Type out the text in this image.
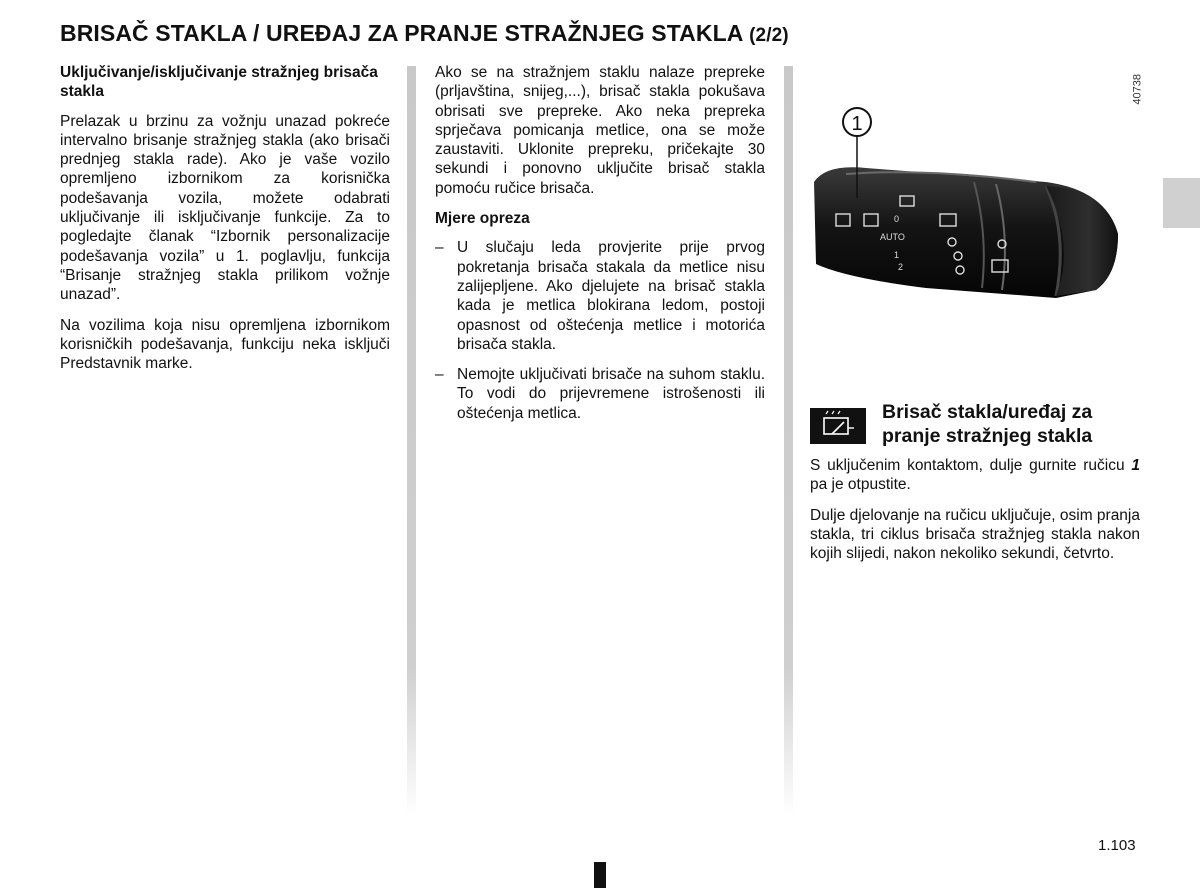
BRISAČ STAKLA / UREĐAJ ZA PRANJE STRAŽNJEG STAKLA (2/2)

Uključivanje/isključivanje stražnjeg brisača stakla

Prelazak u brzinu za vožnju unazad pokreće intervalno brisanje stražnjeg stakla (ako brisači prednjeg stakla rade). Ako je vaše vozilo opremljeno izbornikom za korisnička podešavanja vozila, možete odabrati uključivanje ili isključivanje funkcije. Za to pogledajte članak “Izbornik personalizacije podešavanja vozila” u 1. poglavlju, funkcija “Brisanje stražnjeg stakla prilikom vožnje unazad”.

Na vozilima koja nisu opremljena izbornikom korisničkih podešavanja, funkciju neka isključi Predstavnik marke.

Ako se na stražnjem staklu nalaze prepreke (prljavština, snijeg,...), brisač stakla pokušava obrisati sve prepreke. Ako neka prepreka sprječava pomicanja metlice, ona se može zaustaviti. Uklonite prepreku, pričekajte 30 sekundi i ponovno uključite brisač stakla pomoću ručice brisača.

Mjere opreza

– U slučaju leda provjerite prije prvog pokretanja brisača stakala da metlice nisu zalijepljene. Ako djelujete na brisač stakla kada je metlica blokirana ledom, postoji opasnost od oštećenja metlice i motorića brisača stakla.
– Nemojte uključivati brisače na suhom staklu. To vodi do prijevremene istrošenosti ili oštećenja metlica.
40738
0
AUTO
1
2
1
Brisač stakla/uređaj za pranje stražnjeg stakla

S uključenim kontaktom, dulje gurnite ručicu 1 pa je otpustite.

Dulje djelovanje na ručicu uključuje, osim pranja stakla, tri ciklus brisača stražnjeg stakla nakon kojih slijedi, nakon nekoliko sekundi, četvrto.

1.103
